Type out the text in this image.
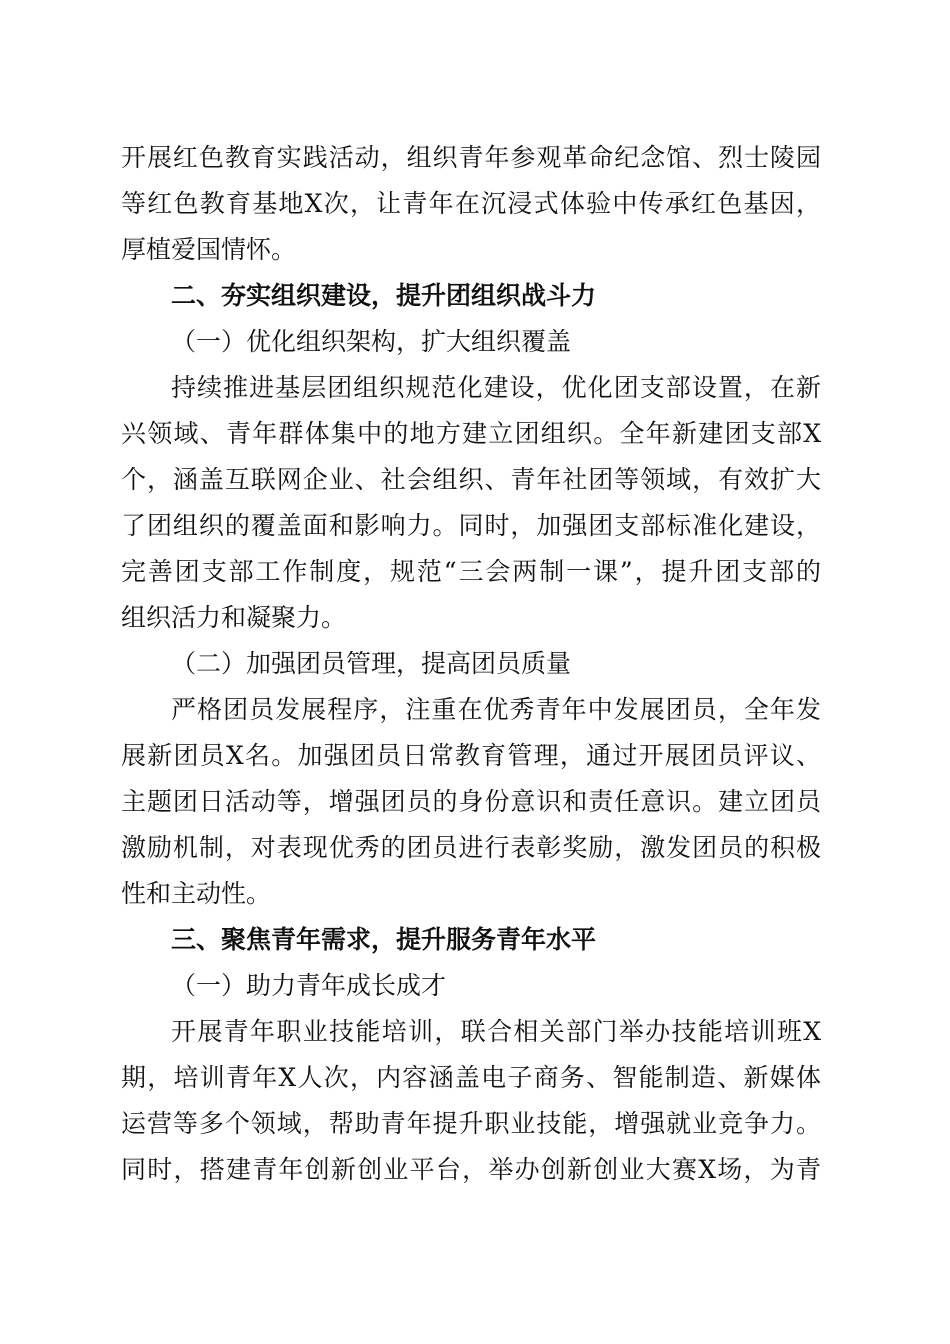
开展红色教育实践活动，组织青年参观革命纪念馆、烈士陵园
等红色教育基地X次，让青年在沉浸式体验中传承红色基因，
厚植爱国情怀。
二、夯实组织建设，提升团组织战斗力
（一）优化组织架构，扩大组织覆盖
持续推进基层团组织规范化建设，优化团支部设置，在新
兴领域、青年群体集中的地方建立团组织。全年新建团支部X
个，涵盖互联网企业、社会组织、青年社团等领域，有效扩大
了团组织的覆盖面和影响力。同时，加强团支部标准化建设，
完善团支部工作制度，规范“三会两制一课”，提升团支部的
组织活力和凝聚力。
（二）加强团员管理，提高团员质量
严格团员发展程序，注重在优秀青年中发展团员，全年发
展新团员X名。加强团员日常教育管理，通过开展团员评议、
主题团日活动等，增强团员的身份意识和责任意识。建立团员
激励机制，对表现优秀的团员进行表彰奖励，激发团员的积极
性和主动性。
三、聚焦青年需求，提升服务青年水平
（一）助力青年成长成才
开展青年职业技能培训，联合相关部门举办技能培训班X
期，培训青年X人次，内容涵盖电子商务、智能制造、新媒体
运营等多个领域，帮助青年提升职业技能，增强就业竞争力。
同时，搭建青年创新创业平台，举办创新创业大赛X场，为青
